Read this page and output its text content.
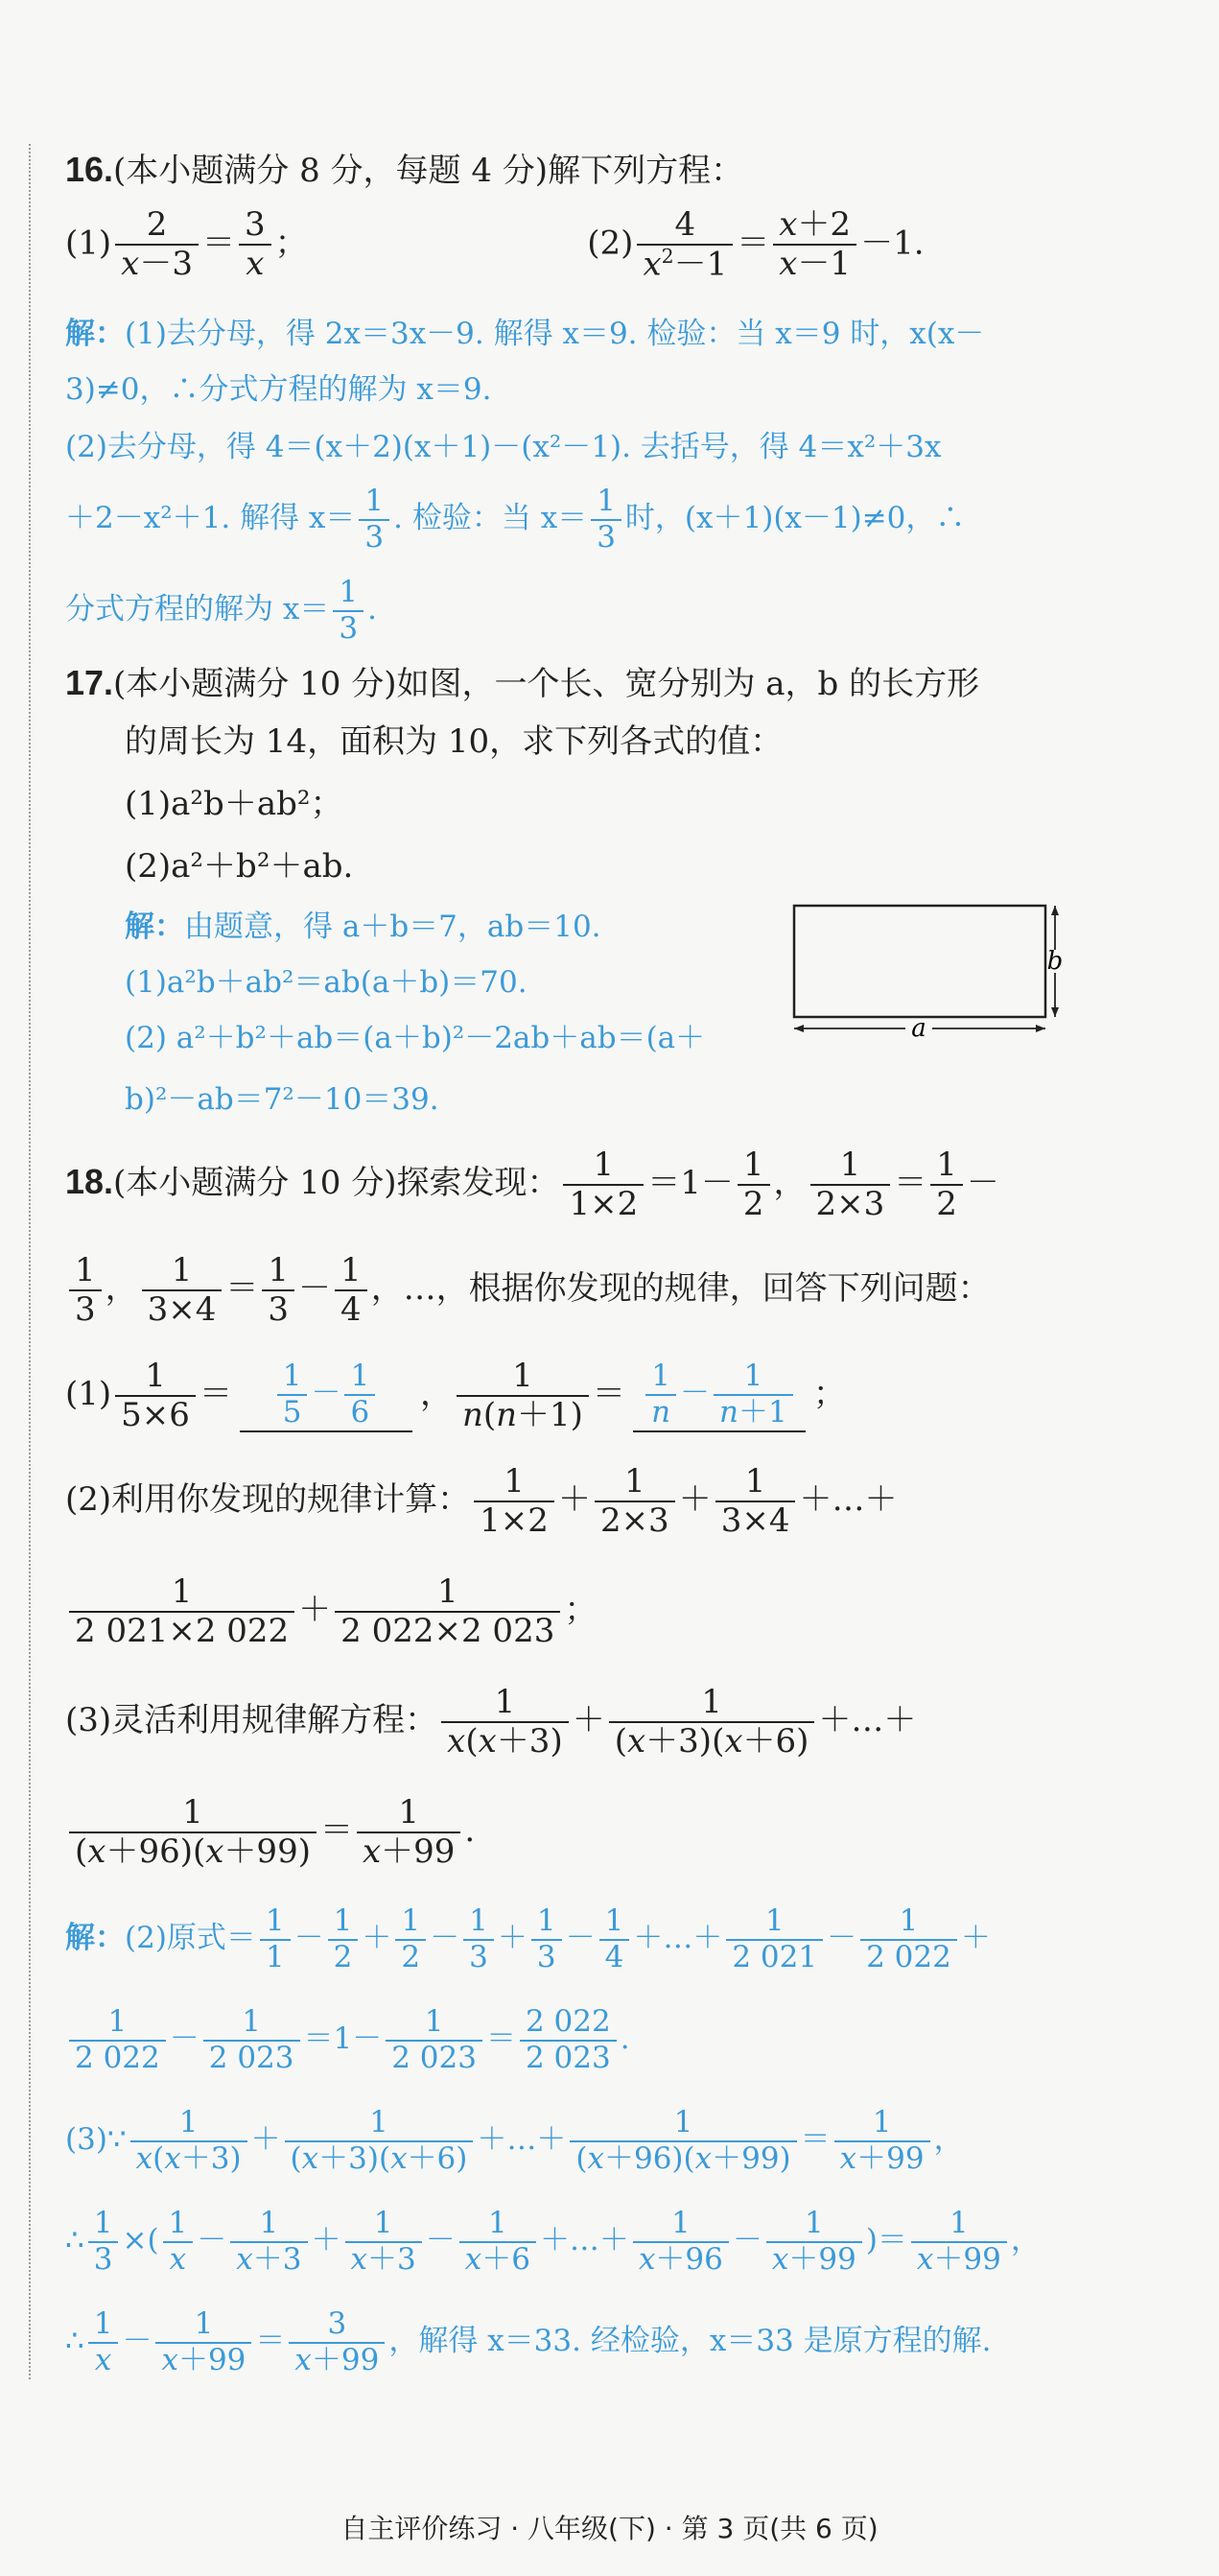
16.(本小题满分 8 分，每题 4 分)解下列方程：
$(1) \frac{2}{x-3} = \frac{3}{x}$ ；	$(2) \frac{4}{x^2-1} = \frac{x+2}{x-1} -1$.
解：(1)去分母，得 2x＝3x－9. 解得 x＝9. 检验：当 x＝9 时，x(x－
3)≠0，∴分式方程的解为 x＝9.
(2)去分母，得 4＝(x＋2)(x＋1)－(x²－1). 去括号，得 4＝x²＋3x
＋2－x²＋1. 解得 $x= \frac{1}{3}$ . 检验：当 $x= \frac{1}{3}$ 时，(x＋1)(x－1)≠0，∴
分式方程的解为 $x= \frac{1}{3}$ .
17.(本小题满分 10 分)如图，一个长、宽分别为 a，b 的长方形
的周长为 14，面积为 10，求下列各式的值：
(1)a²b＋ab²；
(2)a²＋b²＋ab.
解：由题意，得 a＋b＝7，ab＝10.
(1)a²b＋ab²＝ab(a＋b)＝70.
(2) a²＋b²＋ab＝(a＋b)²－2ab＋ab＝(a＋
b)²－ab＝7²－10＝39.
a
b
18.(本小题满分 10 分)探索发现： $\frac{1}{1\times 2} =1- \frac{1}{2}$ ， $\frac{1}{2\times 3} = \frac{1}{2}$ －
$\frac{1}{3}$ ， $\frac{1}{3\times 4} = \frac{1}{3} - \frac{1}{4}$ ，…，根据你发现的规律，回答下列问题：
$(1) \frac{1}{5\times 6} = \frac{1}{5} - \frac{1}{6}$ ， $\frac{1}{n(n+1)} = \frac{1}{n} - \frac{1}{n+1}$ ；
(2)利用你发现的规律计算： $\frac{1}{1\times 2} + \frac{1}{2\times 3} + \frac{1}{3\times 4}$ ＋…＋
$\frac{1}{2 021\times 2 022} + \frac{1}{2 022\times 2 023}$ ；
(3)灵活利用规律解方程： $\frac{1}{x(x+3)} + \frac{1}{(x+3)(x+6)}$ ＋…＋
$\frac{1}{(x+96)(x+99)} = \frac{1}{x+99}$ .
解：(2)原式＝ $\frac{1}{1} - \frac{1}{2} + \frac{1}{2} - \frac{1}{3} + \frac{1}{3} - \frac{1}{4}$ ＋…＋ $\frac{1}{2 021} - \frac{1}{2 022}$ ＋
$\frac{1}{2 022} - \frac{1}{2 023} =1- \frac{1}{2 023} = \frac{2 022}{2 023}$ .
(3)∵ $\frac{1}{x(x+3)} + \frac{1}{(x+3)(x+6)}$ ＋…＋ $\frac{1}{(x+96)(x+99)} = \frac{1}{x+99}$ ，
∴ $\frac{1}{3}$ ×( $\frac{1}{x} - \frac{1}{x+3} + \frac{1}{x+3} - \frac{1}{x+6}$ ＋…＋ $\frac{1}{x+96} - \frac{1}{x+99}$ )＝ $\frac{1}{x+99}$ ，
∴ $\frac{1}{x} - \frac{1}{x+99} = \frac{3}{x+99}$ ，解得 x＝33. 经检验，x＝33 是原方程的解.
自主评价练习 · 八年级(下) · 第 3 页(共 6 页)
